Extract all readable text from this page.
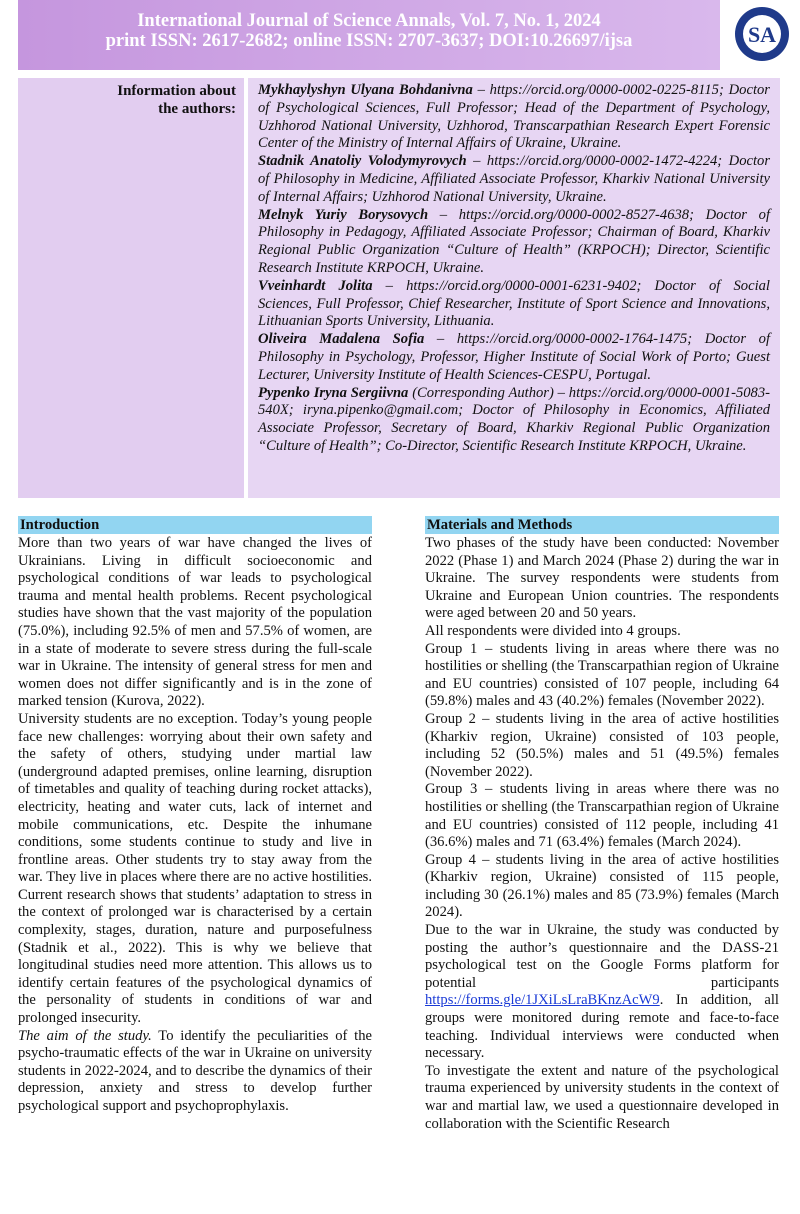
International Journal of Science Annals, Vol. 7, No. 1, 2024
print ISSN: 2617-2682; online ISSN: 2707-3637; DOI:10.26697/ijsa	SA
Information about
the authors:

Mykhaylyshyn Ulyana Bohdanivna – https://orcid.org/0000-0002-0225-8115; Doctor of Psychological Sciences, Full Professor; Head of the Department of Psychology, Uzhhorod National University, Uzhhorod, Transcarpathian Research Expert Forensic Center of the Ministry of Internal Affairs of Ukraine, Ukraine.

Stadnik Anatoliy Volodymyrovych – https://orcid.org/0000-0002-1472-4224; Doctor of Philosophy in Medicine, Affiliated Associate Professor, Kharkiv National University of Internal Affairs; Uzhhorod National University, Ukraine.

Melnyk Yuriy Borysovych – https://orcid.org/0000-0002-8527-4638; Doctor of Philosophy in Pedagogy, Affiliated Associate Professor; Chairman of Board, Kharkiv Regional Public Organization “Culture of Health” (KRPOCH); Director, Scientific Research Institute KRPOCH, Ukraine.

Vveinhardt Jolita – https://orcid.org/0000-0001-6231-9402; Doctor of Social Sciences, Full Professor, Chief Researcher, Institute of Sport Science and Innovations, Lithuanian Sports University, Lithuania.

Oliveira Madalena Sofia – https://orcid.org/0000-0002-1764-1475; Doctor of Philosophy in Psychology, Professor, Higher Institute of Social Work of Porto; Guest Lecturer, University Institute of Health Sciences-CESPU, Portugal.

Pypenko Iryna Sergiivna (Corresponding Author) – https://orcid.org/0000-0001-5083-540X; iryna.pipenko@gmail.com; Doctor of Philosophy in Economics, Affiliated Associate Professor, Secretary of Board, Kharkiv Regional Public Organization “Culture of Health”; Co-Director, Scientific Research Institute KRPOCH, Ukraine.

Introduction

More than two years of war have changed the lives of Ukrainians. Living in difficult socioeconomic and psychological conditions of war leads to psychological trauma and mental health problems. Recent psychological studies have shown that the vast majority of the population (75.0%), including 92.5% of men and 57.5% of women, are in a state of moderate to severe stress during the full-scale war in Ukraine. The intensity of general stress for men and women does not differ significantly and is in the zone of marked tension (Kurova, 2022).

University students are no exception. Today’s young people face new challenges: worrying about their own safety and the safety of others, studying under martial law (underground adapted premises, online learning, disruption of timetables and quality of teaching during rocket attacks), electricity, heating and water cuts, lack of internet and mobile communications, etc. Despite the inhumane conditions, some students continue to study and live in frontline areas. Other students try to stay away from the war. They live in places where there are no active hostilities. Current research shows that students’ adaptation to stress in the context of prolonged war is characterised by a certain complexity, stages, duration, nature and purposefulness (Stadnik et al., 2022). This is why we believe that longitudinal studies need more attention. This allows us to identify certain features of the psychological dynamics of the personality of students in conditions of war and prolonged insecurity.

The aim of the study. To identify the peculiarities of the psycho-traumatic effects of the war in Ukraine on university students in 2022-2024, and to describe the dynamics of their depression, anxiety and stress to develop further psychological support and psychoprophylaxis.

Materials and Methods

Two phases of the study have been conducted: November 2022 (Phase 1) and March 2024 (Phase 2) during the war in Ukraine. The survey respondents were students from Ukraine and European Union countries. The respondents were aged between 20 and 50 years.

All respondents were divided into 4 groups.

Group 1 – students living in areas where there was no hostilities or shelling (the Transcarpathian region of Ukraine and EU countries) consisted of 107 people, including 64 (59.8%) males and 43 (40.2%) females (November 2022).

Group 2 – students living in the area of active hostilities (Kharkiv region, Ukraine) consisted of 103 people, including 52 (50.5%) males and 51 (49.5%) females (November 2022).

Group 3 – students living in areas where there was no hostilities or shelling (the Transcarpathian region of Ukraine and EU countries) consisted of 112 people, including 41 (36.6%) males and 71 (63.4%) females (March 2024).

Group 4 – students living in the area of active hostilities (Kharkiv region, Ukraine) consisted of 115 people, including 30 (26.1%) males and 85 (73.9%) females (March 2024).

Due to the war in Ukraine, the study was conducted by posting the author’s questionnaire and the DASS-21 psychological test on the Google Forms platform for potential participants https://forms.gle/1JXiLsLraBKnzAcW9. In addition, all groups were monitored during remote and face-to-face teaching. Individual interviews were conducted when necessary.

To investigate the extent and nature of the psychological trauma experienced by university students in the context of war and martial law, we used a questionnaire developed in collaboration with the Scientific Research
